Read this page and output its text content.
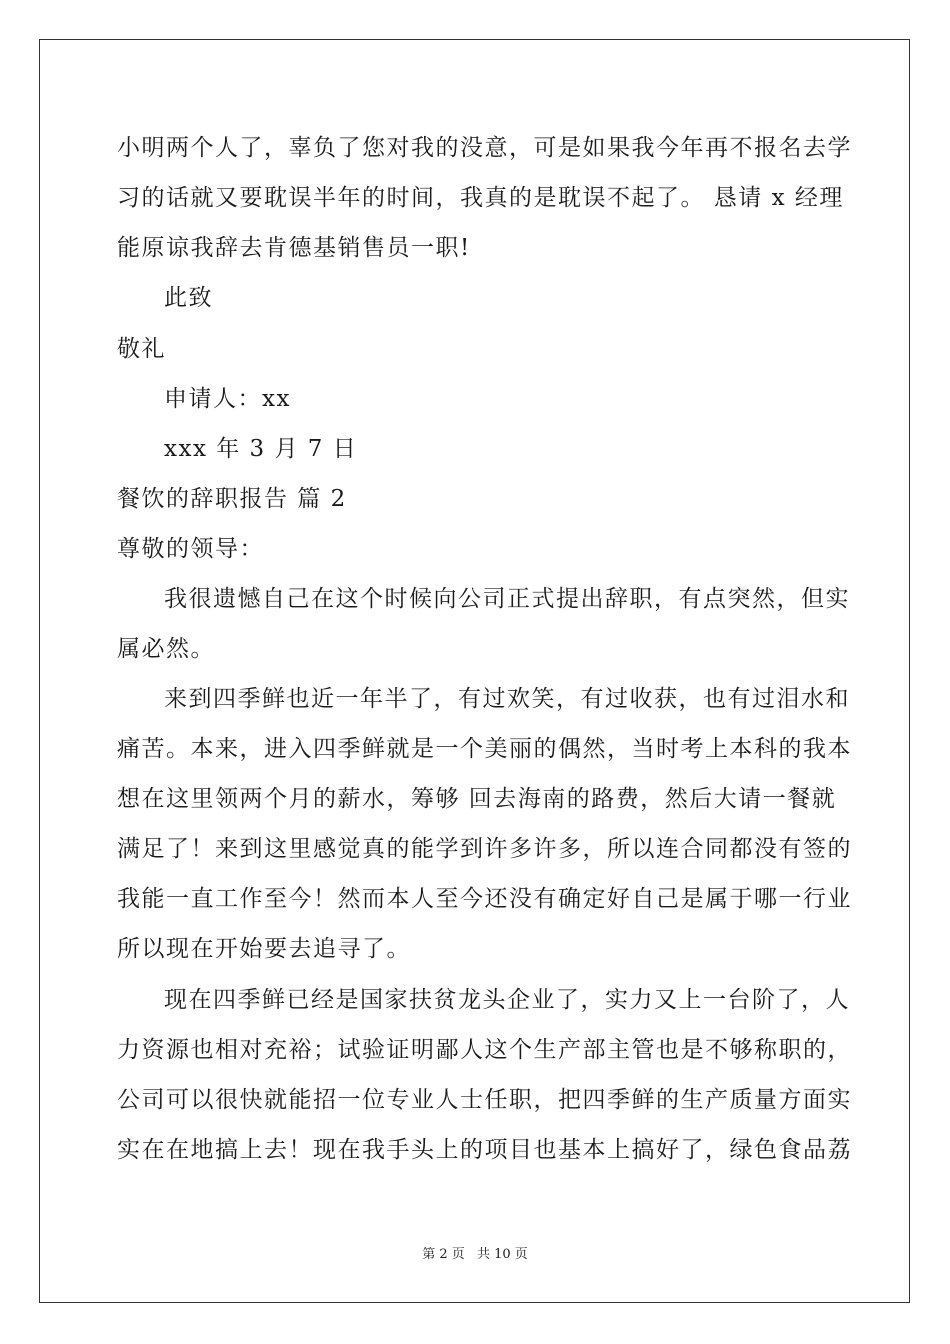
小明两个人了，辜负了您对我的没意，可是如果我今年再不报名去学

习的话就又要耽误半年的时间，我真的是耽误不起了。 恳请 x 经理

能原谅我辞去肯德基销售员一职!

此致

敬礼

申请人：xx

xxx 年 3 月 7 日

餐饮的辞职报告 篇 2

尊敬的领导：

我很遗憾自己在这个时候向公司正式提出辞职，有点突然，但实

属必然。

来到四季鲜也近一年半了，有过欢笑，有过收获，也有过泪水和

痛苦。本来，进入四季鲜就是一个美丽的偶然，当时考上本科的我本

想在这里领两个月的薪水，筹够 回去海南的路费，然后大请一餐就

满足了！来到这里感觉真的能学到许多许多，所以连合同都没有签的

我能一直工作至今！然而本人至今还没有确定好自己是属于哪一行业

所以现在开始要去追寻了。

现在四季鲜已经是国家扶贫龙头企业了，实力又上一台阶了，人

力资源也相对充裕；试验证明鄙人这个生产部主管也是不够称职的，

公司可以很快就能招一位专业人士任职，把四季鲜的生产质量方面实

实在在地搞上去！现在我手头上的项目也基本上搞好了，绿色食品荔

第 2 页 共 10 页
